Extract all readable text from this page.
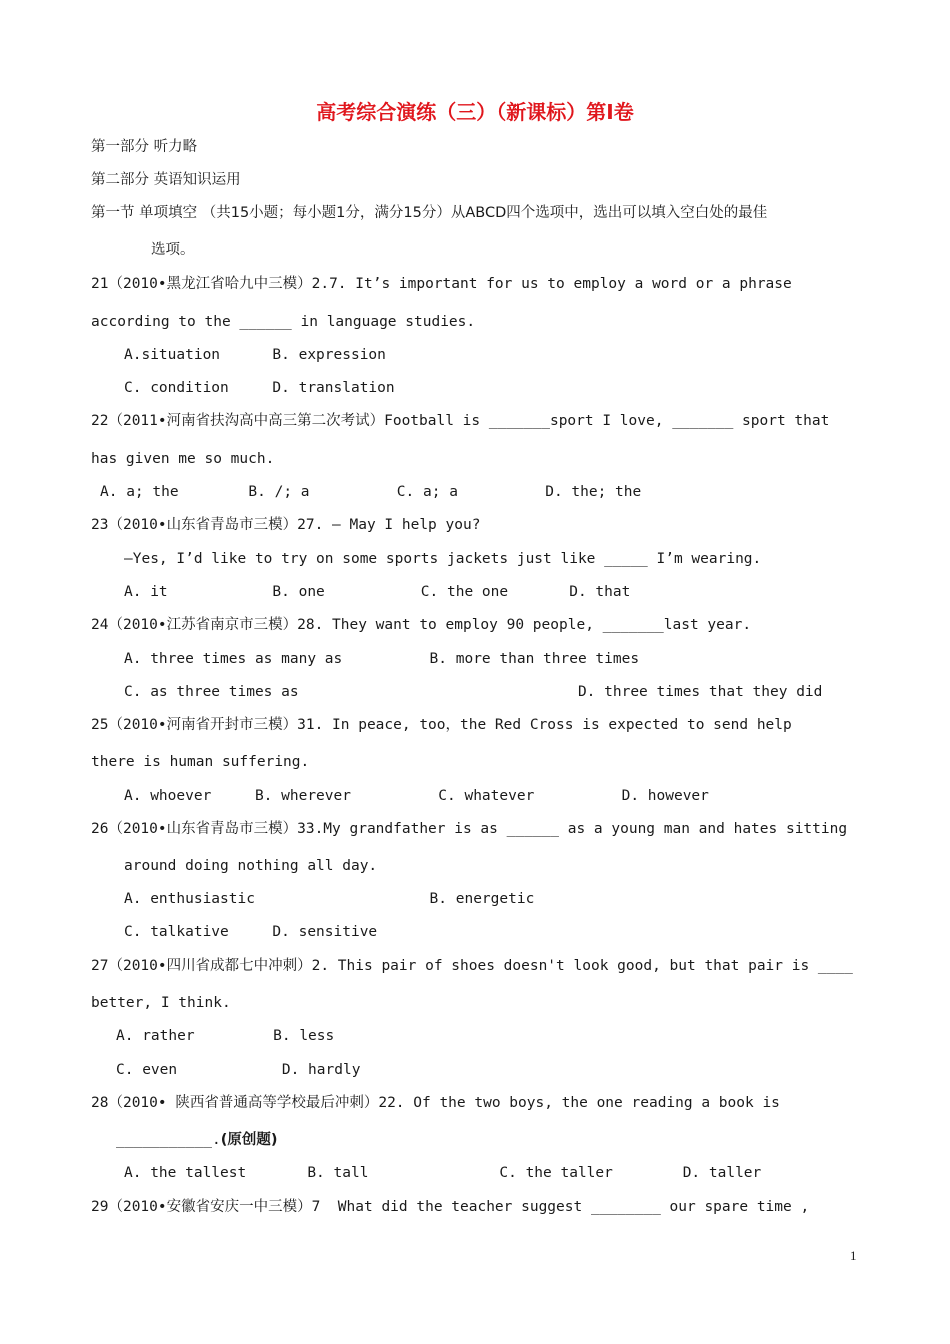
高考综合演练（三）（新课标）第I卷
第一部分 听力略
第二部分 英语知识运用
第一节 单项填空 （共15小题；每小题1分，满分15分）从ABCD四个选项中，选出可以填入空白处的最佳
选项。
21（2010•黑龙江省哈九中三模）2.7. It’s important for us to employ a word or a phrase
according to the ______ in language studies.
A.situation      B. expression
C. condition     D. translation
22（2011•河南省扶沟高中高三第二次考试）Football is _______sport I love, _______ sport that
has given me so much.
A. a; the        B. /; a          C. a; a          D. the; the
23（2010•山东省青岛市三模）27. — May I help you?
—Yes, I’d like to try on some sports jackets just like _____ I’m wearing.
A. it            B. one           C. the one       D. that
24（2010•江苏省南京市三模）28. They want to employ 90 people, _______last year.
A. three times as many as          B. more than three times
C. as three times as                                D. three times that they did
25（2010•河南省开封市三模）31. In peace, too，the Red Cross is expected to send help
there is human suffering.
A. whoever     B. wherever          C. whatever          D. however
26（2010•山东省青岛市三模）33.My grandfather is as ______ as a young man and hates sitting
around doing nothing all day.
A. enthusiastic                    B. energetic
C. talkative     D. sensitive
27（2010•四川省成都七中冲刺）2. This pair of shoes doesn't look good, but that pair is ____
better, I think.
A. rather         B. less
C. even            D. hardly
28（2010• 陕西省普通高等学校最后冲刺）22. Of the two boys, the one reading a book is
___________.(原创题)
A. the tallest       B. tall               C. the taller        D. taller
29（2010•安徽省安庆一中三模）7  What did the teacher suggest ________ our spare time ,
1
